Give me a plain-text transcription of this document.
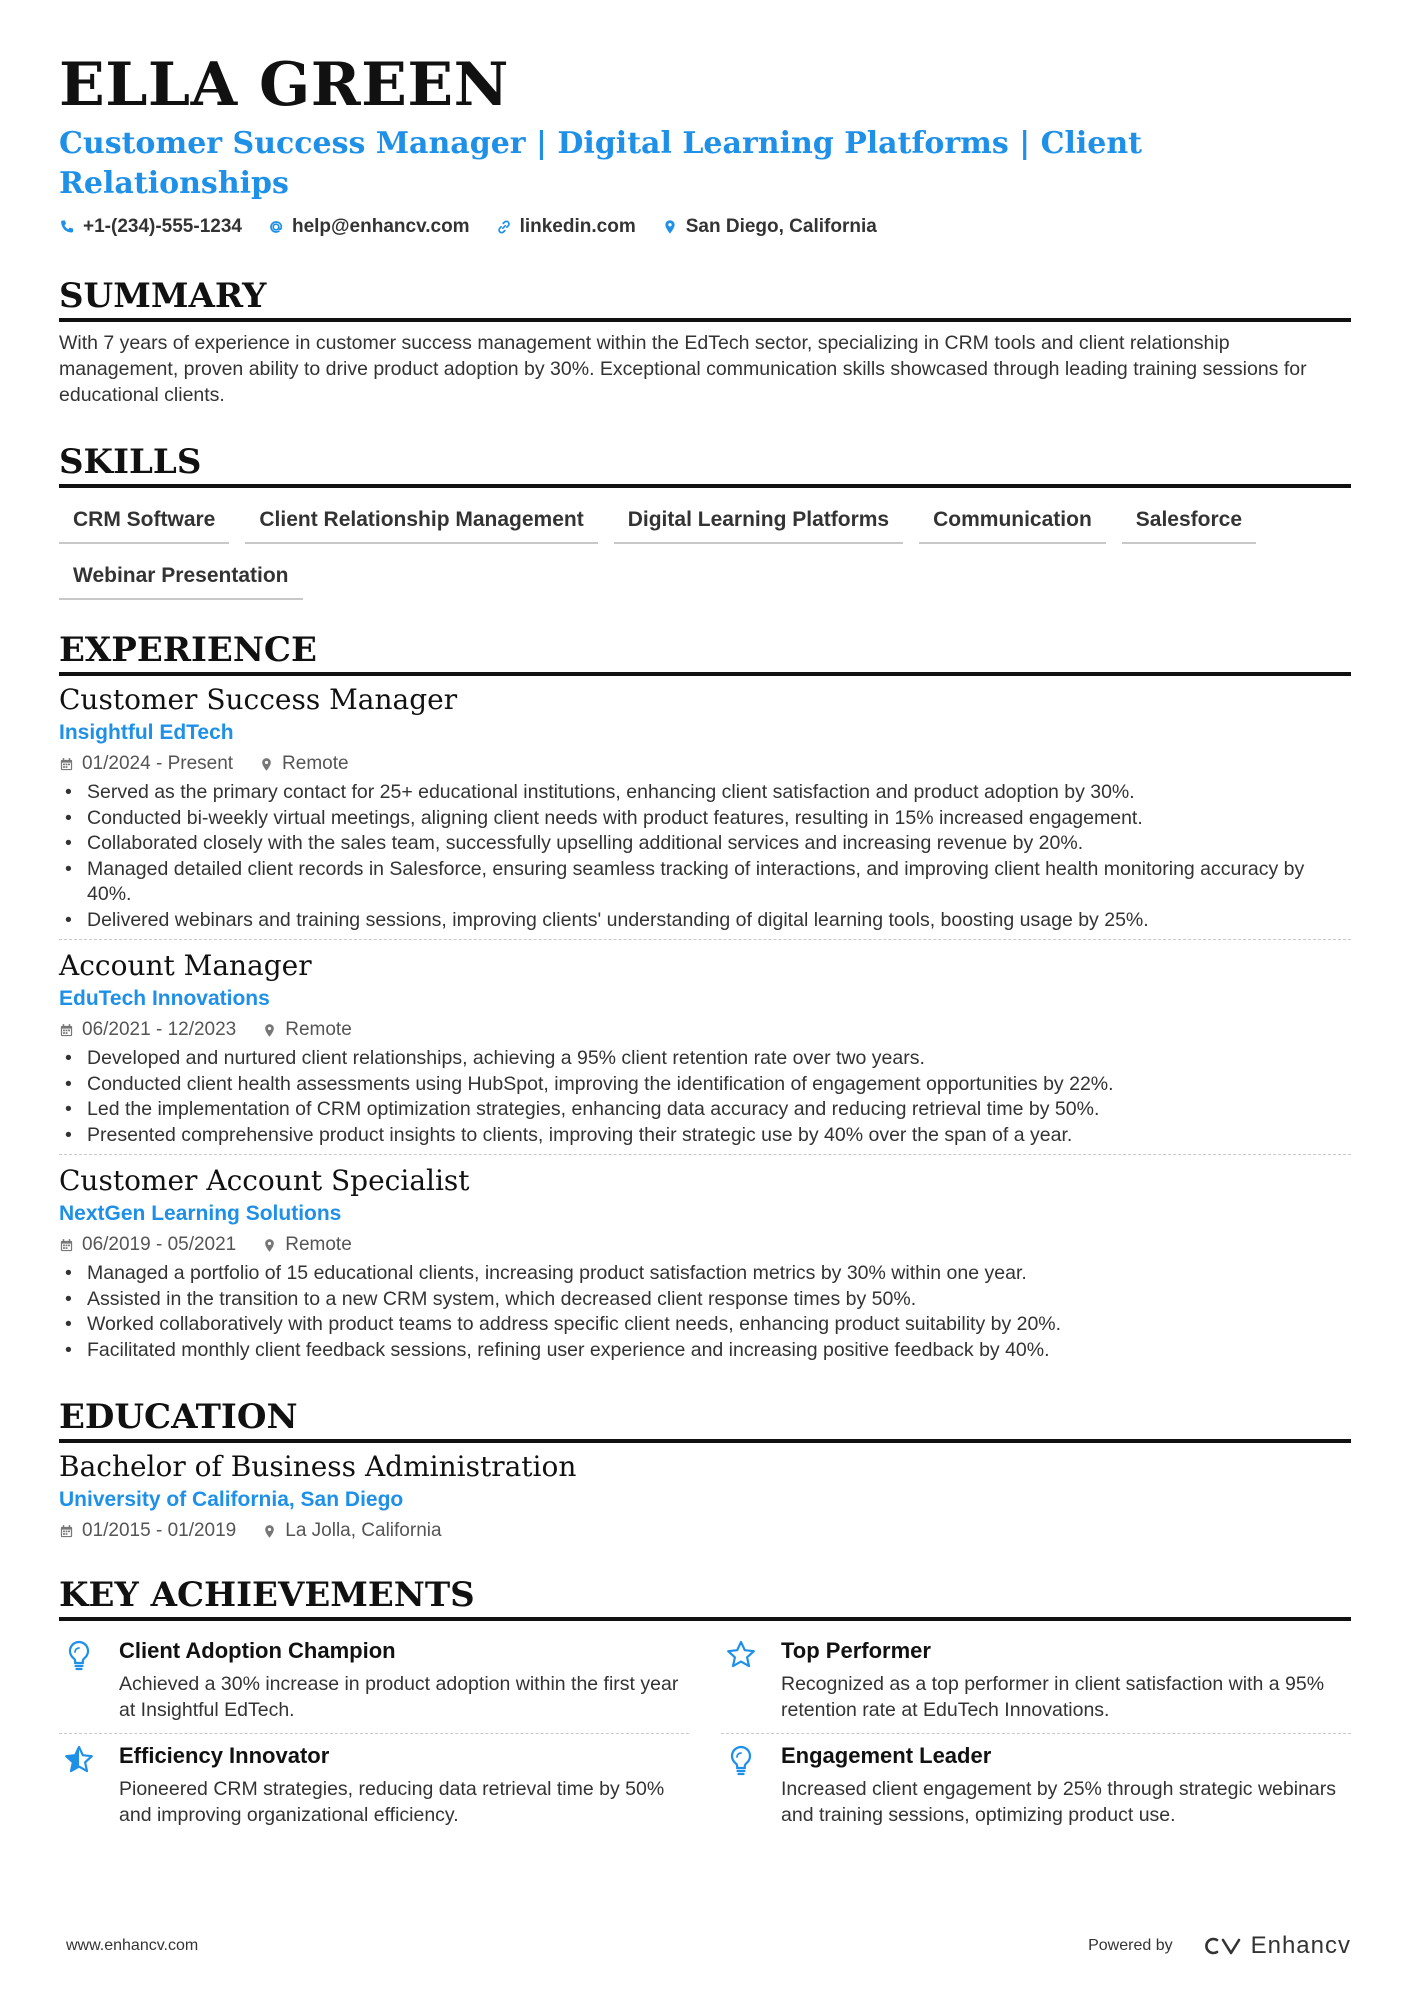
ELLA GREEN
Customer Success Manager | Digital Learning Platforms | Client Relationships
+1-(234)-555-1234	help@enhancv.com	linkedin.com	San Diego, California
SUMMARY

With 7 years of experience in customer success management within the EdTech sector, specializing in CRM tools and client relationship management, proven ability to drive product adoption by 30%. Exceptional communication skills showcased through leading training sessions for educational clients.

SKILLS
CRM Software	Client Relationship Management	Digital Learning Platforms	Communication	Salesforce
Webinar Presentation
EXPERIENCE
Customer Success Manager
Insightful EdTech
01/2024 - Present	Remote
• Served as the primary contact for 25+ educational institutions, enhancing client satisfaction and product adoption by 30%.
• Conducted bi-weekly virtual meetings, aligning client needs with product features, resulting in 15% increased engagement.
• Collaborated closely with the sales team, successfully upselling additional services and increasing revenue by 20%.
• Managed detailed client records in Salesforce, ensuring seamless tracking of interactions, and improving client health monitoring accuracy by 40%.
• Delivered webinars and training sessions, improving clients' understanding of digital learning tools, boosting usage by 25%.
Account Manager
EduTech Innovations
06/2021 - 12/2023	Remote
• Developed and nurtured client relationships, achieving a 95% client retention rate over two years.
• Conducted client health assessments using HubSpot, improving the identification of engagement opportunities by 22%.
• Led the implementation of CRM optimization strategies, enhancing data accuracy and reducing retrieval time by 50%.
• Presented comprehensive product insights to clients, improving their strategic use by 40% over the span of a year.
Customer Account Specialist
NextGen Learning Solutions
06/2019 - 05/2021	Remote
• Managed a portfolio of 15 educational clients, increasing product satisfaction metrics by 30% within one year.
• Assisted in the transition to a new CRM system, which decreased client response times by 50%.
• Worked collaboratively with product teams to address specific client needs, enhancing product suitability by 20%.
• Facilitated monthly client feedback sessions, refining user experience and increasing positive feedback by 40%.
EDUCATION
Bachelor of Business Administration
University of California, San Diego
01/2015 - 01/2019	La Jolla, California
KEY ACHIEVEMENTS
Client Adoption Champion
Achieved a 30% increase in product adoption within the first year at Insightful EdTech.
Top Performer
Recognized as a top performer in client satisfaction with a 95% retention rate at EduTech Innovations.
Efficiency Innovator
Pioneered CRM strategies, reducing data retrieval time by 50% and improving organizational efficiency.
Engagement Leader
Increased client engagement by 25% through strategic webinars and training sessions, optimizing product use.
www.enhancv.com	Powered by	Enhancv
